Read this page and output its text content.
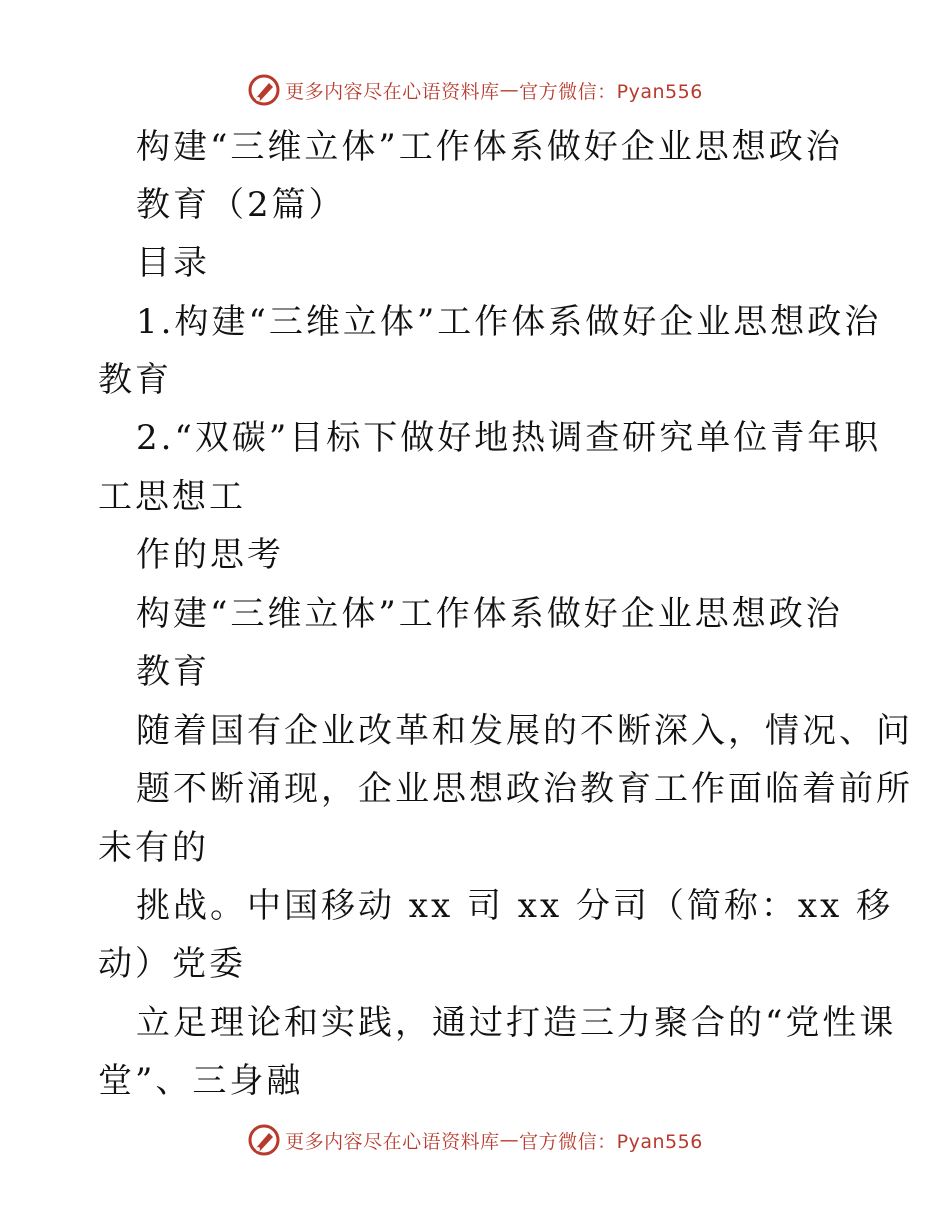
更多内容尽在心语资料库 — 官方微信：Pyan556
构建“三维立体”工作体系做好企业思想政治
教育（2篇）
目录
1.构建“三维立体”工作体系做好企业思想政治
教育
2.“双碳”目标下做好地热调查研究单位青年职
工思想工
作的思考
构建“三维立体”工作体系做好企业思想政治
教育
随着国有企业改革和发展的不断深入，情况、问
题不断涌现，企业思想政治教育工作面临着前所
未有的
挑战。中国移动 xx 司 xx 分司（简称：xx 移
动）党委
立足理论和实践，通过打造三力聚合的“党性课
堂”、三身融
更多内容尽在心语资料库 — 官方微信：Pyan556
